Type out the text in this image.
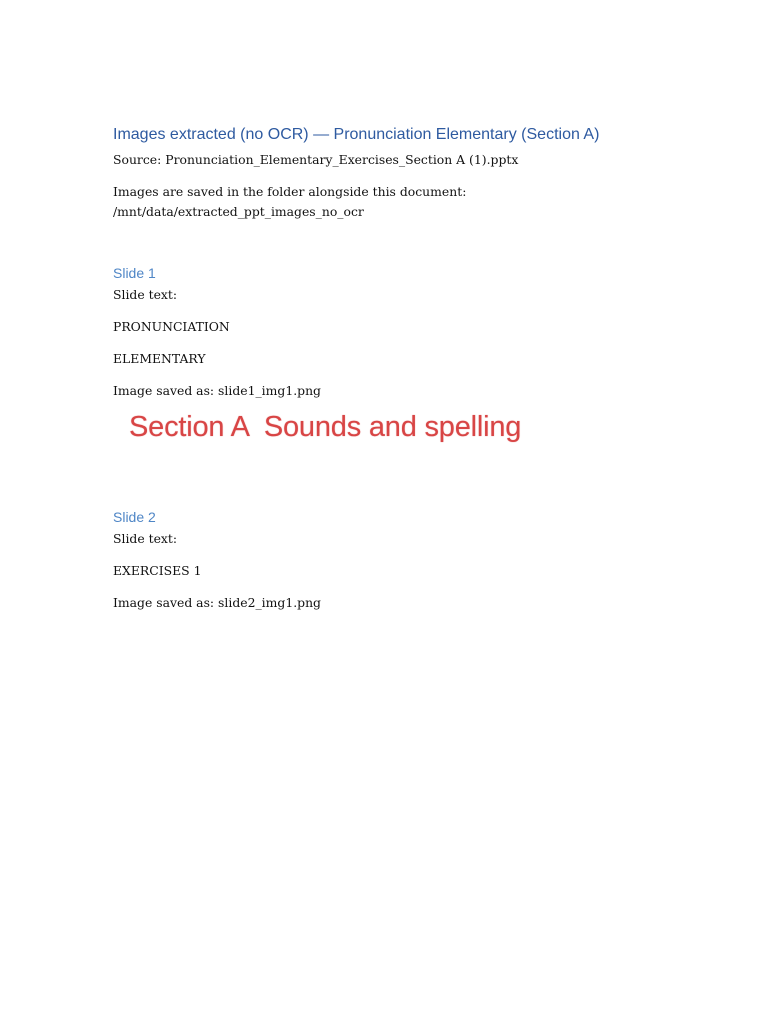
Images extracted (no OCR) — Pronunciation Elementary (Section A)
Source: Pronunciation_Elementary_Exercises_Section A (1).pptx
Images are saved in the folder alongside this document:
/mnt/data/extracted_ppt_images_no_ocr
Slide 1
Slide text:
PRONUNCIATION
ELEMENTARY
Image saved as: slide1_img1.png
Section A  Sounds and spelling
Slide 2
Slide text:
EXERCISES 1
Image saved as: slide2_img1.png
